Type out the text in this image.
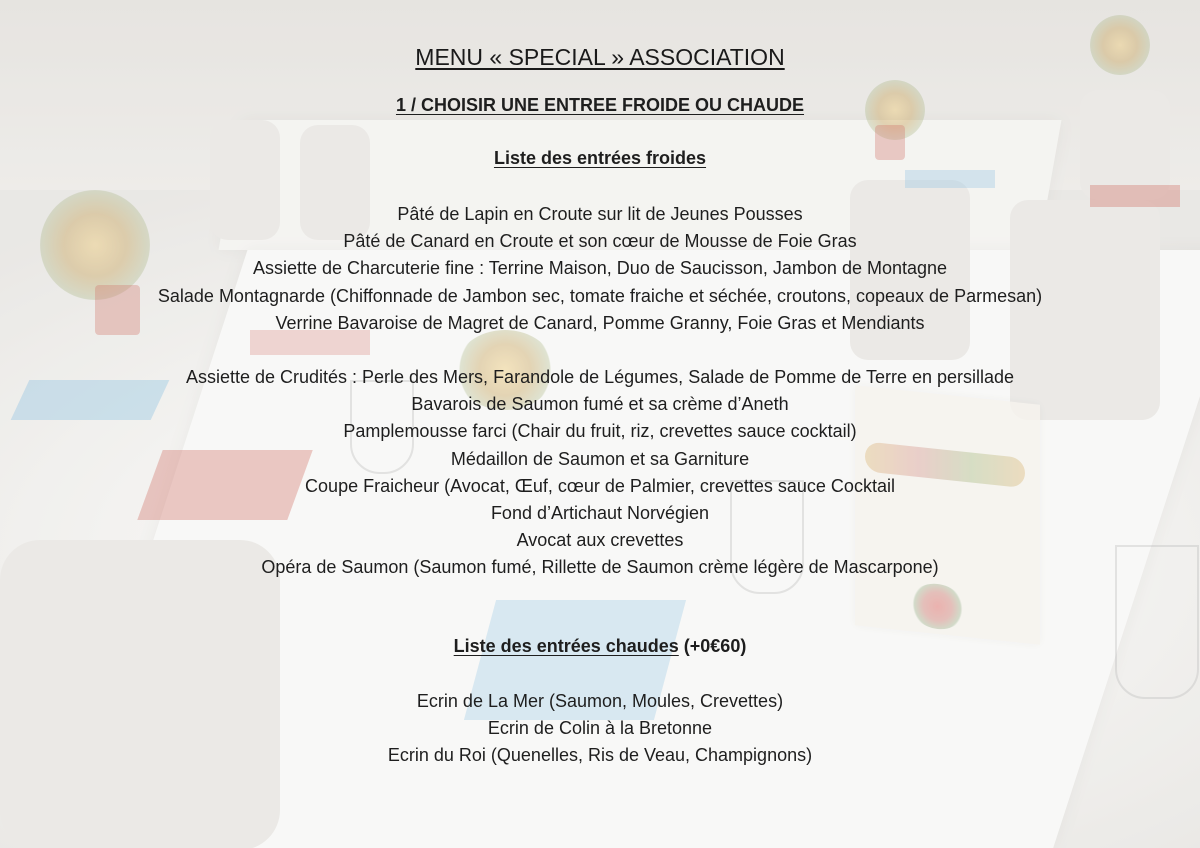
MENU « SPECIAL » ASSOCIATION
1 / CHOISIR UNE ENTREE FROIDE OU CHAUDE
Liste des entrées froides
Pâté de Lapin en Croute sur lit de Jeunes Pousses
Pâté de Canard en Croute et son cœur de Mousse de Foie Gras
Assiette de Charcuterie fine : Terrine Maison, Duo de Saucisson, Jambon de Montagne
Salade Montagnarde (Chiffonnade de Jambon sec, tomate fraiche et séchée, croutons, copeaux de Parmesan)
Verrine Bavaroise de Magret de Canard, Pomme Granny, Foie Gras et Mendiants
Assiette de Crudités : Perle des Mers, Farandole de Légumes, Salade de Pomme de Terre en persillade
Bavarois de Saumon fumé et sa crème d’Aneth
Pamplemousse farci (Chair du fruit, riz, crevettes sauce cocktail)
Médaillon de Saumon et sa Garniture
Coupe Fraicheur (Avocat, Œuf, cœur de Palmier, crevettes sauce Cocktail
Fond d’Artichaut Norvégien
Avocat aux crevettes
Opéra de Saumon (Saumon fumé, Rillette de Saumon crème légère de Mascarpone)
Liste des entrées chaudes (+0€60)
Ecrin de La Mer (Saumon, Moules, Crevettes)
Ecrin de Colin à la Bretonne
Ecrin du Roi (Quenelles, Ris de Veau, Champignons)
